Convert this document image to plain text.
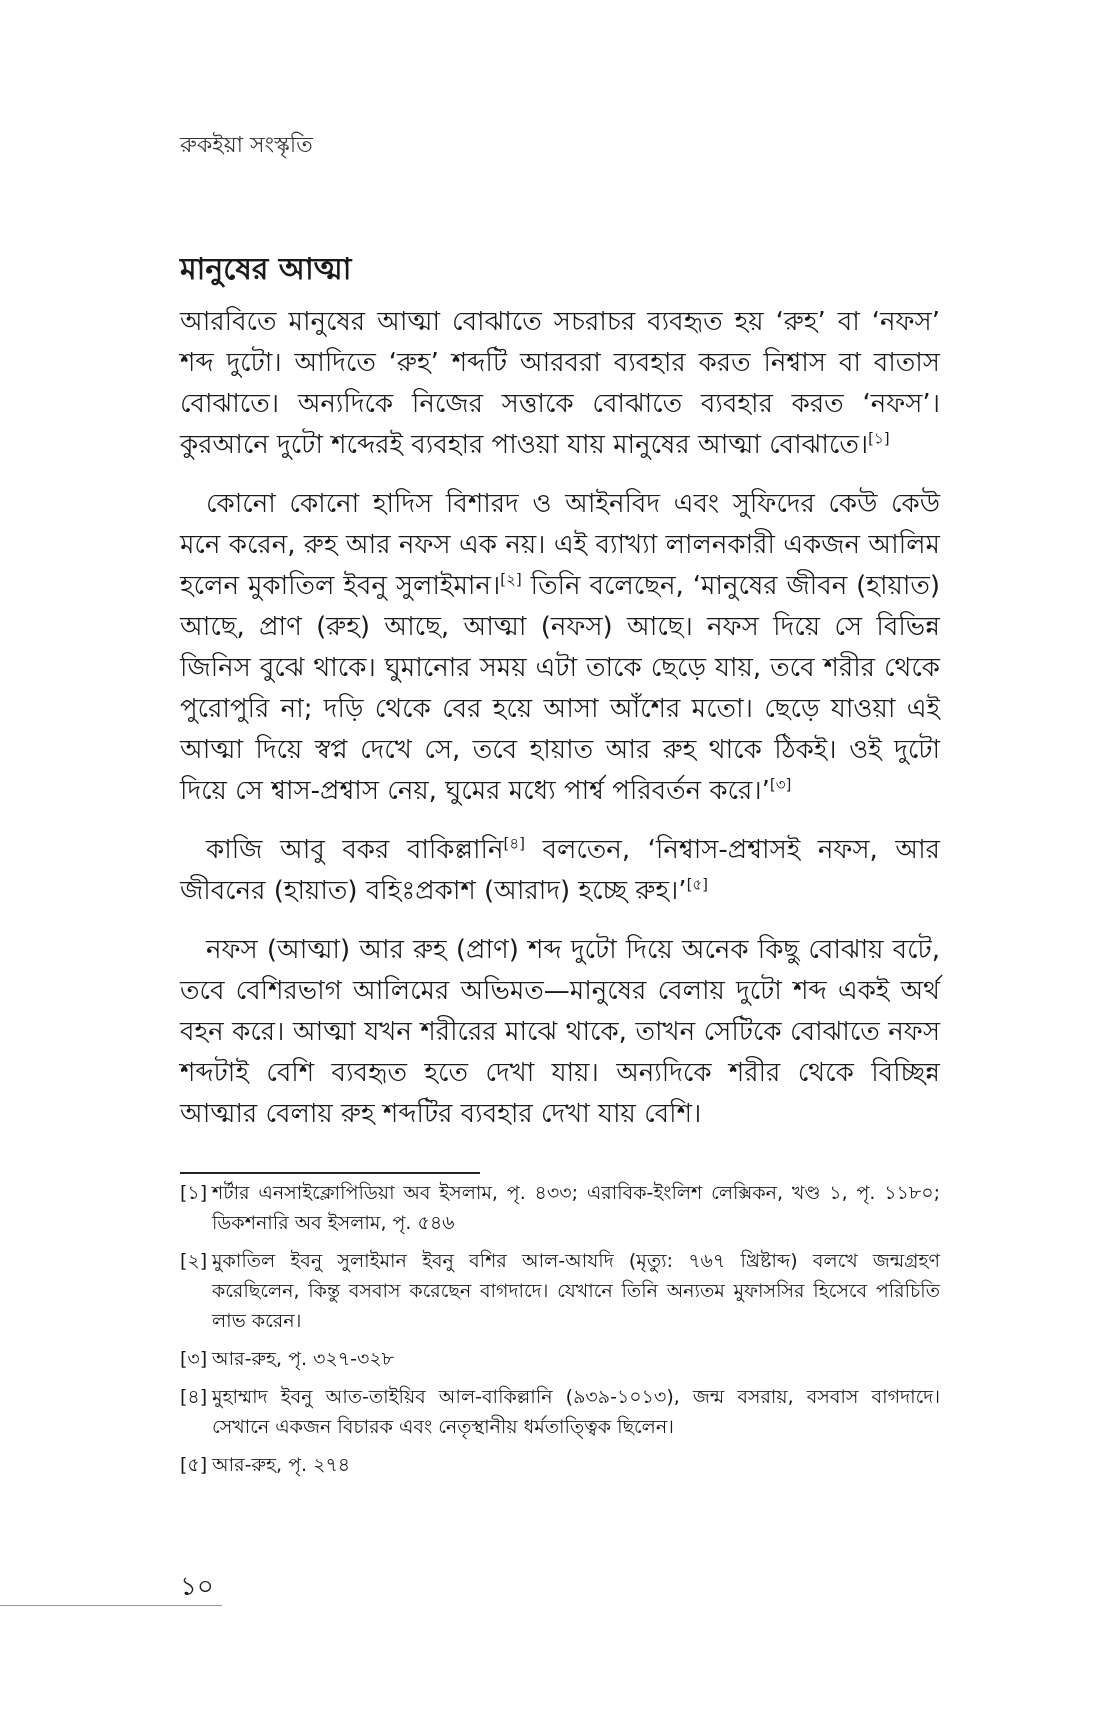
রুকইয়া সংস্কৃতি
মানুষের আত্মা

আরবিতে মানুষের আত্মা বোঝাতে সচরাচর ব্যবহৃত হয় ‘রুহ’ বা ‘নফস’ শব্দ দুটো। আদিতে ‘রুহ’ শব্দটি আরবরা ব্যবহার করত নিশ্বাস বা বাতাস বোঝাতে। অন্যদিকে নিজের সত্তাকে বোঝাতে ব্যবহার করত ‘নফস’। কুরআনে দুটো শব্দেরই ব্যবহার পাওয়া যায় মানুষের আত্মা বোঝাতে।[১]

কোনো কোনো হাদিস বিশারদ ও আইনবিদ এবং সুফিদের কেউ কেউ মনে করেন, রুহ আর নফস এক নয়। এই ব্যাখ্যা লালনকারী একজন আলিম হলেন মুকাতিল ইবনু সুলাইমান।[২] তিনি বলেছেন, ‘মানুষের জীবন (হায়াত) আছে, প্রাণ (রুহ) আছে, আত্মা (নফস) আছে। নফস দিয়ে সে বিভিন্ন জিনিস বুঝে থাকে। ঘুমানোর সময় এটা তাকে ছেড়ে যায়, তবে শরীর থেকে পুরোপুরি না; দড়ি থেকে বের হয়ে আসা আঁশের মতো। ছেড়ে যাওয়া এই আত্মা দিয়ে স্বপ্ন দেখে সে, তবে হায়াত আর রুহ থাকে ঠিকই। ওই দুটো দিয়ে সে শ্বাস-প্রশ্বাস নেয়, ঘুমের মধ্যে পার্শ্ব পরিবর্তন করে।’[৩]

কাজি আবু বকর বাকিল্লানি[৪] বলতেন, ‘নিশ্বাস-প্রশ্বাসই নফস, আর জীবনের (হায়াত) বহিঃপ্রকাশ (আরাদ) হচ্ছে রুহ।’[৫]

নফস (আত্মা) আর রুহ (প্রাণ) শব্দ দুটো দিয়ে অনেক কিছু বোঝায় বটে, তবে বেশিরভাগ আলিমের অভিমত—মানুষের বেলায় দুটো শব্দ একই অর্থ বহন করে। আত্মা যখন শরীরের মাঝে থাকে, তাখন সেটিকে বোঝাতে নফস শব্দটাই বেশি ব্যবহৃত হতে দেখা যায়। অন্যদিকে শরীর থেকে বিচ্ছিন্ন আত্মার বেলায় রুহ শব্দটির ব্যবহার দেখা যায় বেশি।

[১] শর্টার এনসাইক্লোপিডিয়া অব ইসলাম, পৃ. ৪৩৩; এরাবিক-ইংলিশ লেক্সিকন, খণ্ড ১, পৃ. ১১৮০; ডিকশনারি অব ইসলাম, পৃ. ৫৪৬
[২] মুকাতিল ইবনু সুলাইমান ইবনু বশির আল-আযদি (মৃত্যু: ৭৬৭ খ্রিষ্টাব্দ) বলখে জন্মগ্রহণ করেছিলেন, কিন্তু বসবাস করেছেন বাগদাদে। যেখানে তিনি অন্যতম মুফাসসির হিসেবে পরিচিতি লাভ করেন।
[৩] আর-রুহ, পৃ. ৩২৭-৩২৮
[৪] মুহাম্মাদ ইবনু আত-তাইয়িব আল-বাকিল্লানি (৯৩৯-১০১৩), জন্ম বসরায়, বসবাস বাগদাদে। সেখানে একজন বিচারক এবং নেতৃস্থানীয় ধর্মতাত্ত্বিক ছিলেন।
[৫] আর-রুহ, পৃ. ২৭৪
১০
